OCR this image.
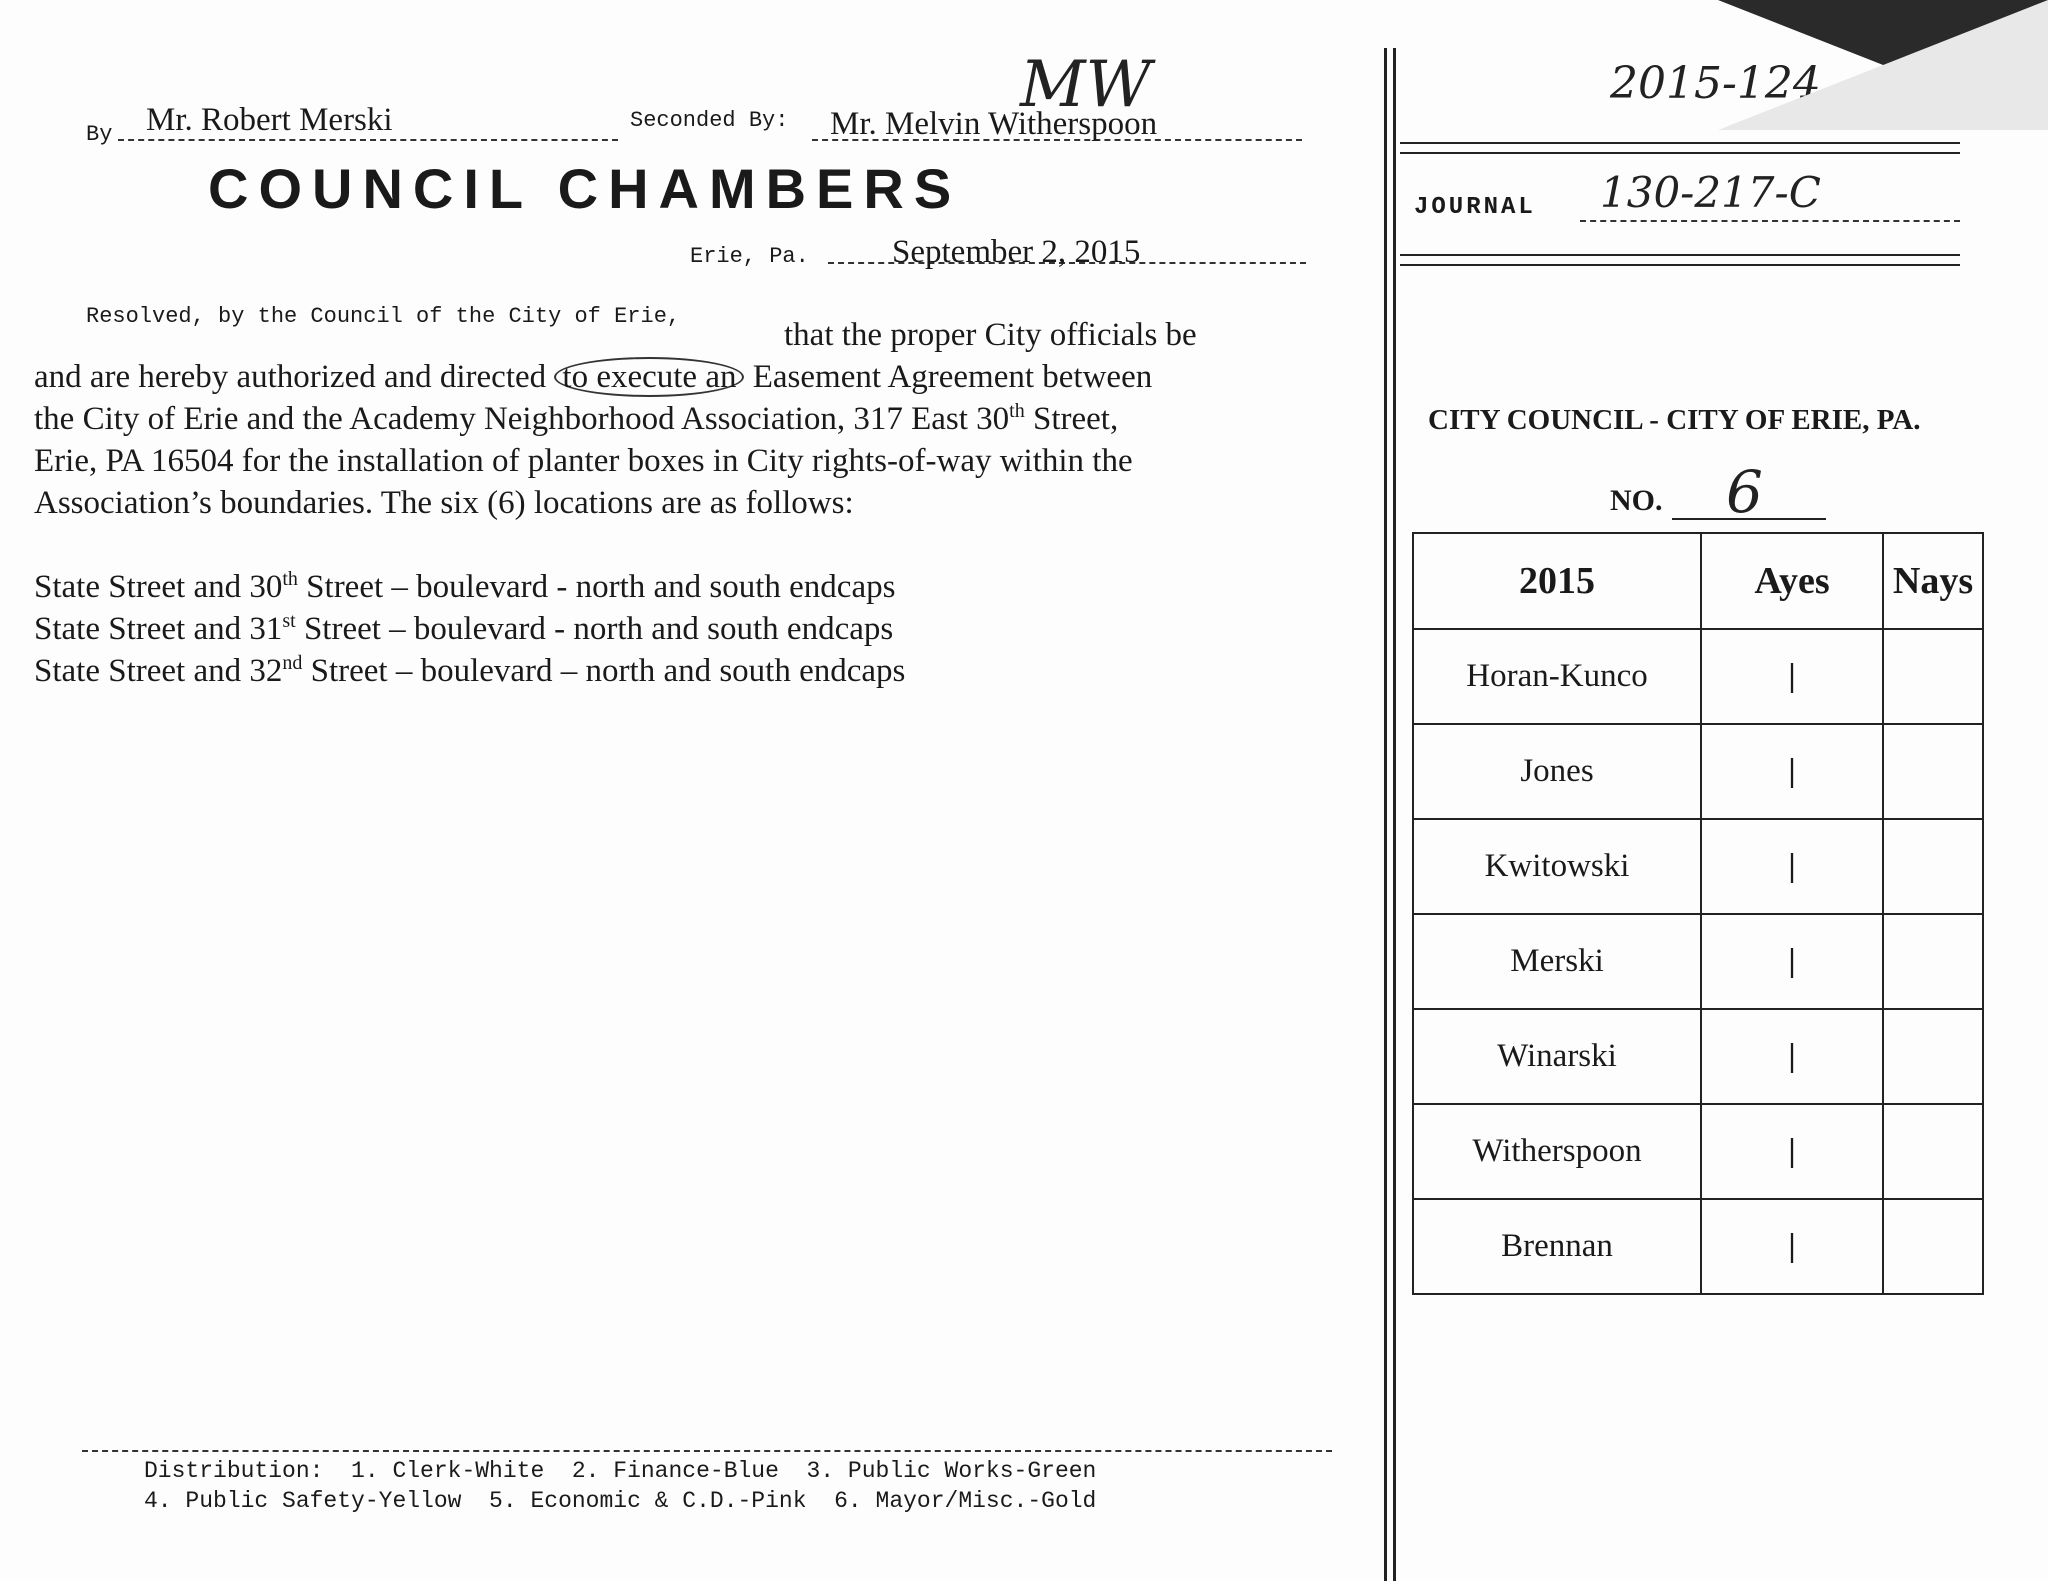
MW
By Mr. Robert Merski	Seconded By: Mr. Melvin Witherspoon
COUNCIL CHAMBERS
Erie, Pa.	September 2, 2015
Resolved, by the Council of the City of Erie,
that the proper City officials be
and are hereby authorized and directed to execute an Easement Agreement between
the City of Erie and the Academy Neighborhood Association, 317 East 30th Street,
Erie, PA 16504 for the installation of planter boxes in City rights-of-way within the
Association’s boundaries. The six (6) locations are as follows:
State Street and 30th Street – boulevard - north and south endcaps
State Street and 31st Street – boulevard - north and south endcaps
State Street and 32nd Street – boulevard – north and south endcaps
Distribution:  1. Clerk-White  2. Finance-Blue  3. Public Works-Green
4. Public Safety-Yellow  5. Economic & C.D.-Pink  6. Mayor/Misc.-Gold
2015-124
JOURNAL 130-217-C
CITY COUNCIL - CITY OF ERIE, PA.
NO. 6
2015	Ayes	Nays
Horan-Kunco	|	
Jones	|	
Kwitowski	|	
Merski	|	
Winarski	|	
Witherspoon	|	
Brennan	|	
